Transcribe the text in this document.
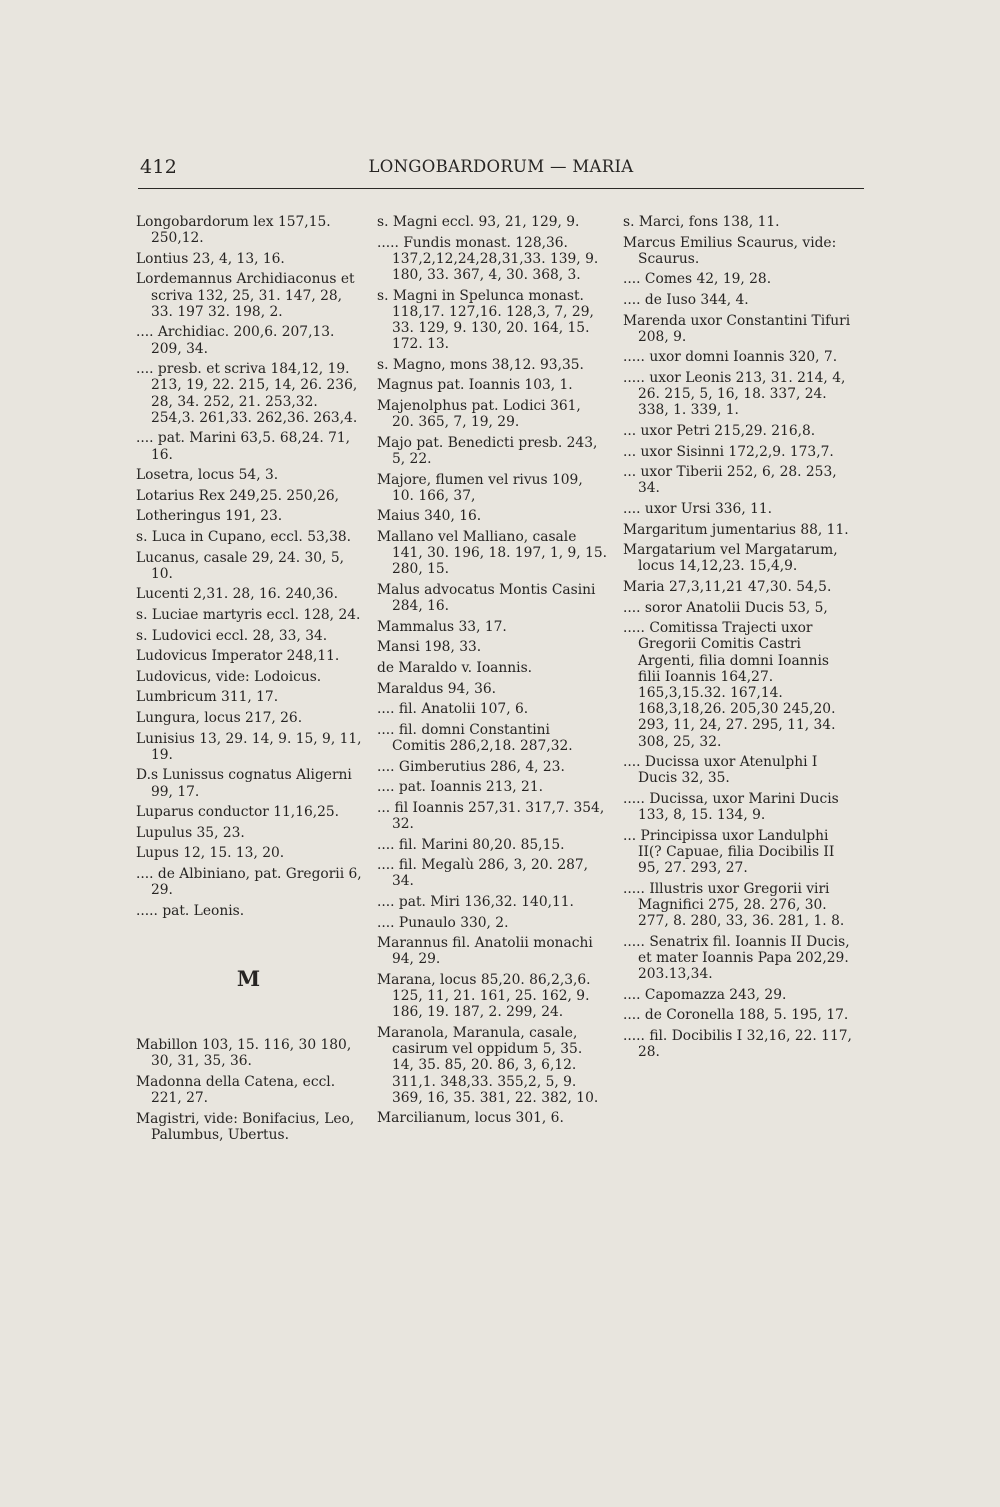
412	LONGOBARDORUM — MARIA

Longobardorum lex 157,15. 250,12.

Lontius 23, 4, 13, 16.

Lordemannus Archidiaconus et scriva 132, 25, 31. 147, 28, 33. 197 32. 198, 2.

.... Archidiac. 200,6. 207,13. 209, 34.

.... presb. et scriva 184,12, 19. 213, 19, 22. 215, 14, 26. 236, 28, 34. 252, 21. 253,32. 254,3. 261,33. 262,36. 263,4.

.... pat. Marini 63,5. 68,24. 71, 16.

Losetra, locus 54, 3.

Lotarius Rex 249,25. 250,26,

Lotheringus 191, 23.

s. Luca in Cupano, eccl. 53,38.

Lucanus, casale 29, 24. 30, 5, 10.

Lucenti 2,31. 28, 16. 240,36.

s. Luciae martyris eccl. 128, 24.

s. Ludovici eccl. 28, 33, 34.

Ludovicus Imperator 248,11.

Ludovicus, vide: Lodoicus.

Lumbricum 311, 17.

Lungura, locus 217, 26.

Lunisius 13, 29. 14, 9. 15, 9, 11, 19.

D.s Lunissus cognatus Aligerni 99, 17.

Luparus conductor 11,16,25.

Lupulus 35, 23.

Lupus 12, 15. 13, 20.

.... de Albiniano, pat. Gregorii 6, 29.

..... pat. Leonis.

M

Mabillon 103, 15. 116, 30 180, 30, 31, 35, 36.

Madonna della Catena, eccl. 221, 27.

Magistri, vide: Bonifacius, Leo, Palumbus, Ubertus.

s. Magni eccl. 93, 21, 129, 9.

..... Fundis monast. 128,36. 137,2,12,24,28,31,33. 139, 9. 180, 33. 367, 4, 30. 368, 3.

s. Magni in Spelunca monast. 118,17. 127,16. 128,3, 7, 29, 33. 129, 9. 130, 20. 164, 15. 172. 13.

s. Magno, mons 38,12. 93,35.

Magnus pat. Ioannis 103, 1.

Majenolphus pat. Lodici 361, 20. 365, 7, 19, 29.

Majo pat. Benedicti presb. 243, 5, 22.

Majore, flumen vel rivus 109, 10. 166, 37,

Maius 340, 16.

Mallano vel Malliano, casale 141, 30. 196, 18. 197, 1, 9, 15. 280, 15.

Malus advocatus Montis Casini 284, 16.

Mammalus 33, 17.

Mansi 198, 33.

de Maraldo v. Ioannis.

Maraldus 94, 36.

.... fil. Anatolii 107, 6.

.... fil. domni Constantini Comitis 286,2,18. 287,32.

.... Gimberutius 286, 4, 23.

.... pat. Ioannis 213, 21.

... fil Ioannis 257,31. 317,7. 354, 32.

.... fil. Marini 80,20. 85,15.

.... fil. Megalù 286, 3, 20. 287, 34.

.... pat. Miri 136,32. 140,11.

.... Punaulo 330, 2.

Marannus fil. Anatolii monachi 94, 29.

Marana, locus 85,20. 86,2,3,6. 125, 11, 21. 161, 25. 162, 9. 186, 19. 187, 2. 299, 24.

Maranola, Maranula, casale, casirum vel oppidum 5, 35. 14, 35. 85, 20. 86, 3, 6,12. 311,1. 348,33. 355,2, 5, 9. 369, 16, 35. 381, 22. 382, 10.

Marcilianum, locus 301, 6.

s. Marci, fons 138, 11.

Marcus Emilius Scaurus, vide: Scaurus.

.... Comes 42, 19, 28.

.... de Iuso 344, 4.

Marenda uxor Constantini Tifuri 208, 9.

..... uxor domni Ioannis 320, 7.

..... uxor Leonis 213, 31. 214, 4, 26. 215, 5, 16, 18. 337, 24. 338, 1. 339, 1.

... uxor Petri 215,29. 216,8.

... uxor Sisinni 172,2,9. 173,7.

... uxor Tiberii 252, 6, 28. 253, 34.

.... uxor Ursi 336, 11.

Margaritum jumentarius 88, 11.

Margatarium vel Margatarum, locus 14,12,23. 15,4,9.

Maria 27,3,11,21 47,30. 54,5.

.... soror Anatolii Ducis 53, 5,

..... Comitissa Trajecti uxor Gregorii Comitis Castri Argenti, filia domni Ioannis filii Ioannis 164,27. 165,3,15.32. 167,14. 168,3,18,26. 205,30 245,20. 293, 11, 24, 27. 295, 11, 34. 308, 25, 32.

.... Ducissa uxor Atenulphi I Ducis 32, 35.

..... Ducissa, uxor Marini Ducis 133, 8, 15. 134, 9.

... Principissa uxor Landulphi II(? Capuae, filia Docibilis II 95, 27. 293, 27.

..... Illustris uxor Gregorii viri Magnifici 275, 28. 276, 30. 277, 8. 280, 33, 36. 281, 1. 8.

..... Senatrix fil. Ioannis II Ducis, et mater Ioannis Papa 202,29. 203.13,34.

.... Capomazza 243, 29.

.... de Coronella 188, 5. 195, 17.

..... fil. Docibilis I 32,16, 22. 117, 28.
